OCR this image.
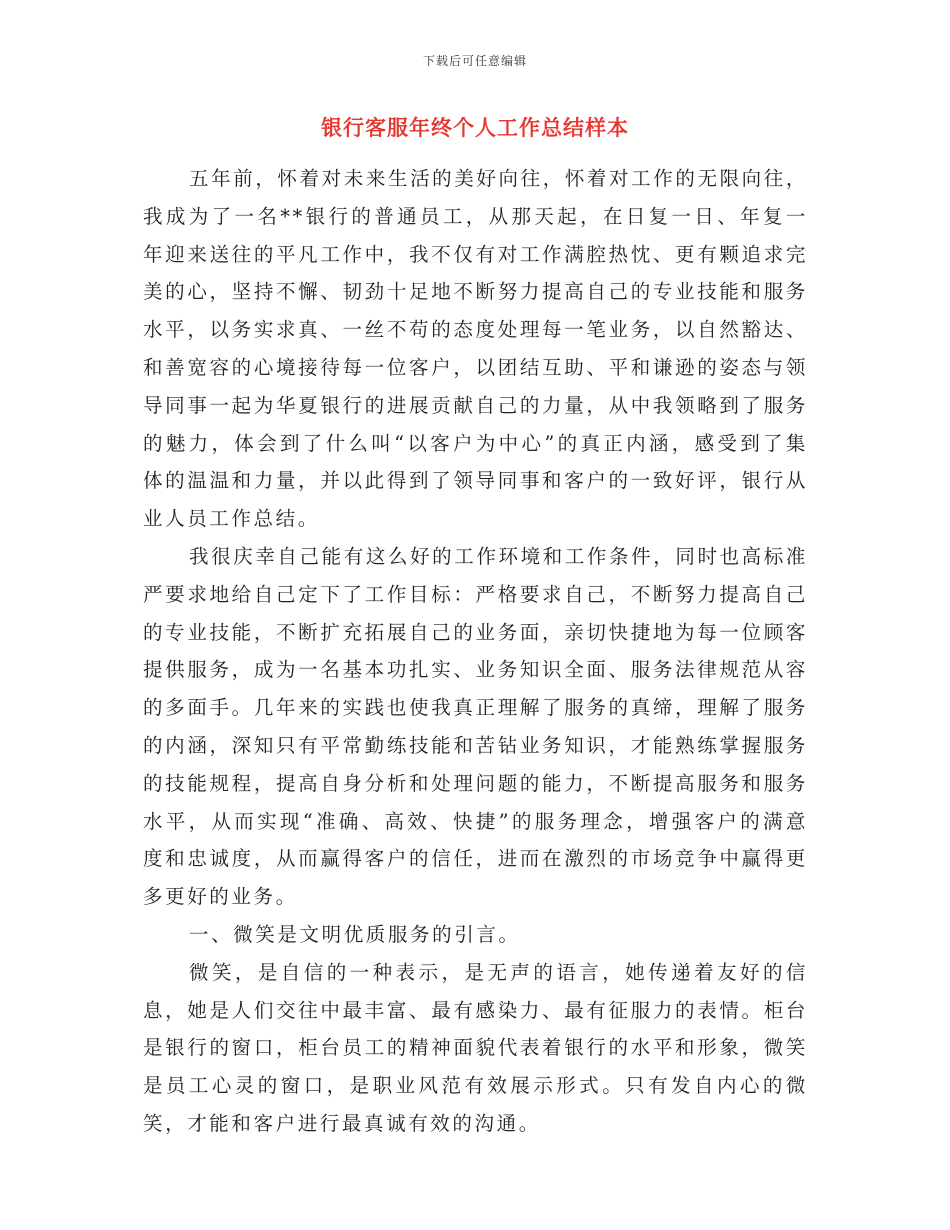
下载后可任意编辑
银行客服年终个人工作总结样本

五年前，怀着对未来生活的美好向往，怀着对工作的无限向往，我成为了一名**银行的普通员工，从那天起，在日复一日、年复一年迎来送往的平凡工作中，我不仅有对工作满腔热忱、更有颗追求完美的心，坚持不懈、韧劲十足地不断努力提高自己的专业技能和服务水平，以务实求真、一丝不苟的态度处理每一笔业务，以自然豁达、和善宽容的心境接待每一位客户，以团结互助、平和谦逊的姿态与领导同事一起为华夏银行的进展贡献自己的力量，从中我领略到了服务的魅力，体会到了什么叫“以客户为中心”的真正内涵，感受到了集体的温温和力量，并以此得到了领导同事和客户的一致好评，银行从业人员工作总结。

我很庆幸自己能有这么好的工作环境和工作条件，同时也高标准严要求地给自己定下了工作目标：严格要求自己，不断努力提高自己的专业技能，不断扩充拓展自己的业务面，亲切快捷地为每一位顾客提供服务，成为一名基本功扎实、业务知识全面、服务法律规范从容的多面手。几年来的实践也使我真正理解了服务的真缔，理解了服务的内涵，深知只有平常勤练技能和苦钻业务知识，才能熟练掌握服务的技能规程，提高自身分析和处理问题的能力，不断提高服务和服务水平，从而实现“准确、高效、快捷”的服务理念，增强客户的满意度和忠诚度，从而赢得客户的信任，进而在激烈的市场竞争中赢得更多更好的业务。

一、微笑是文明优质服务的引言。

微笑，是自信的一种表示，是无声的语言，她传递着友好的信息，她是人们交往中最丰富、最有感染力、最有征服力的表情。柜台是银行的窗口，柜台员工的精神面貌代表着银行的水平和形象，微笑是员工心灵的窗口，是职业风范有效展示形式。只有发自内心的微笑，才能和客户进行最真诚有效的沟通。
